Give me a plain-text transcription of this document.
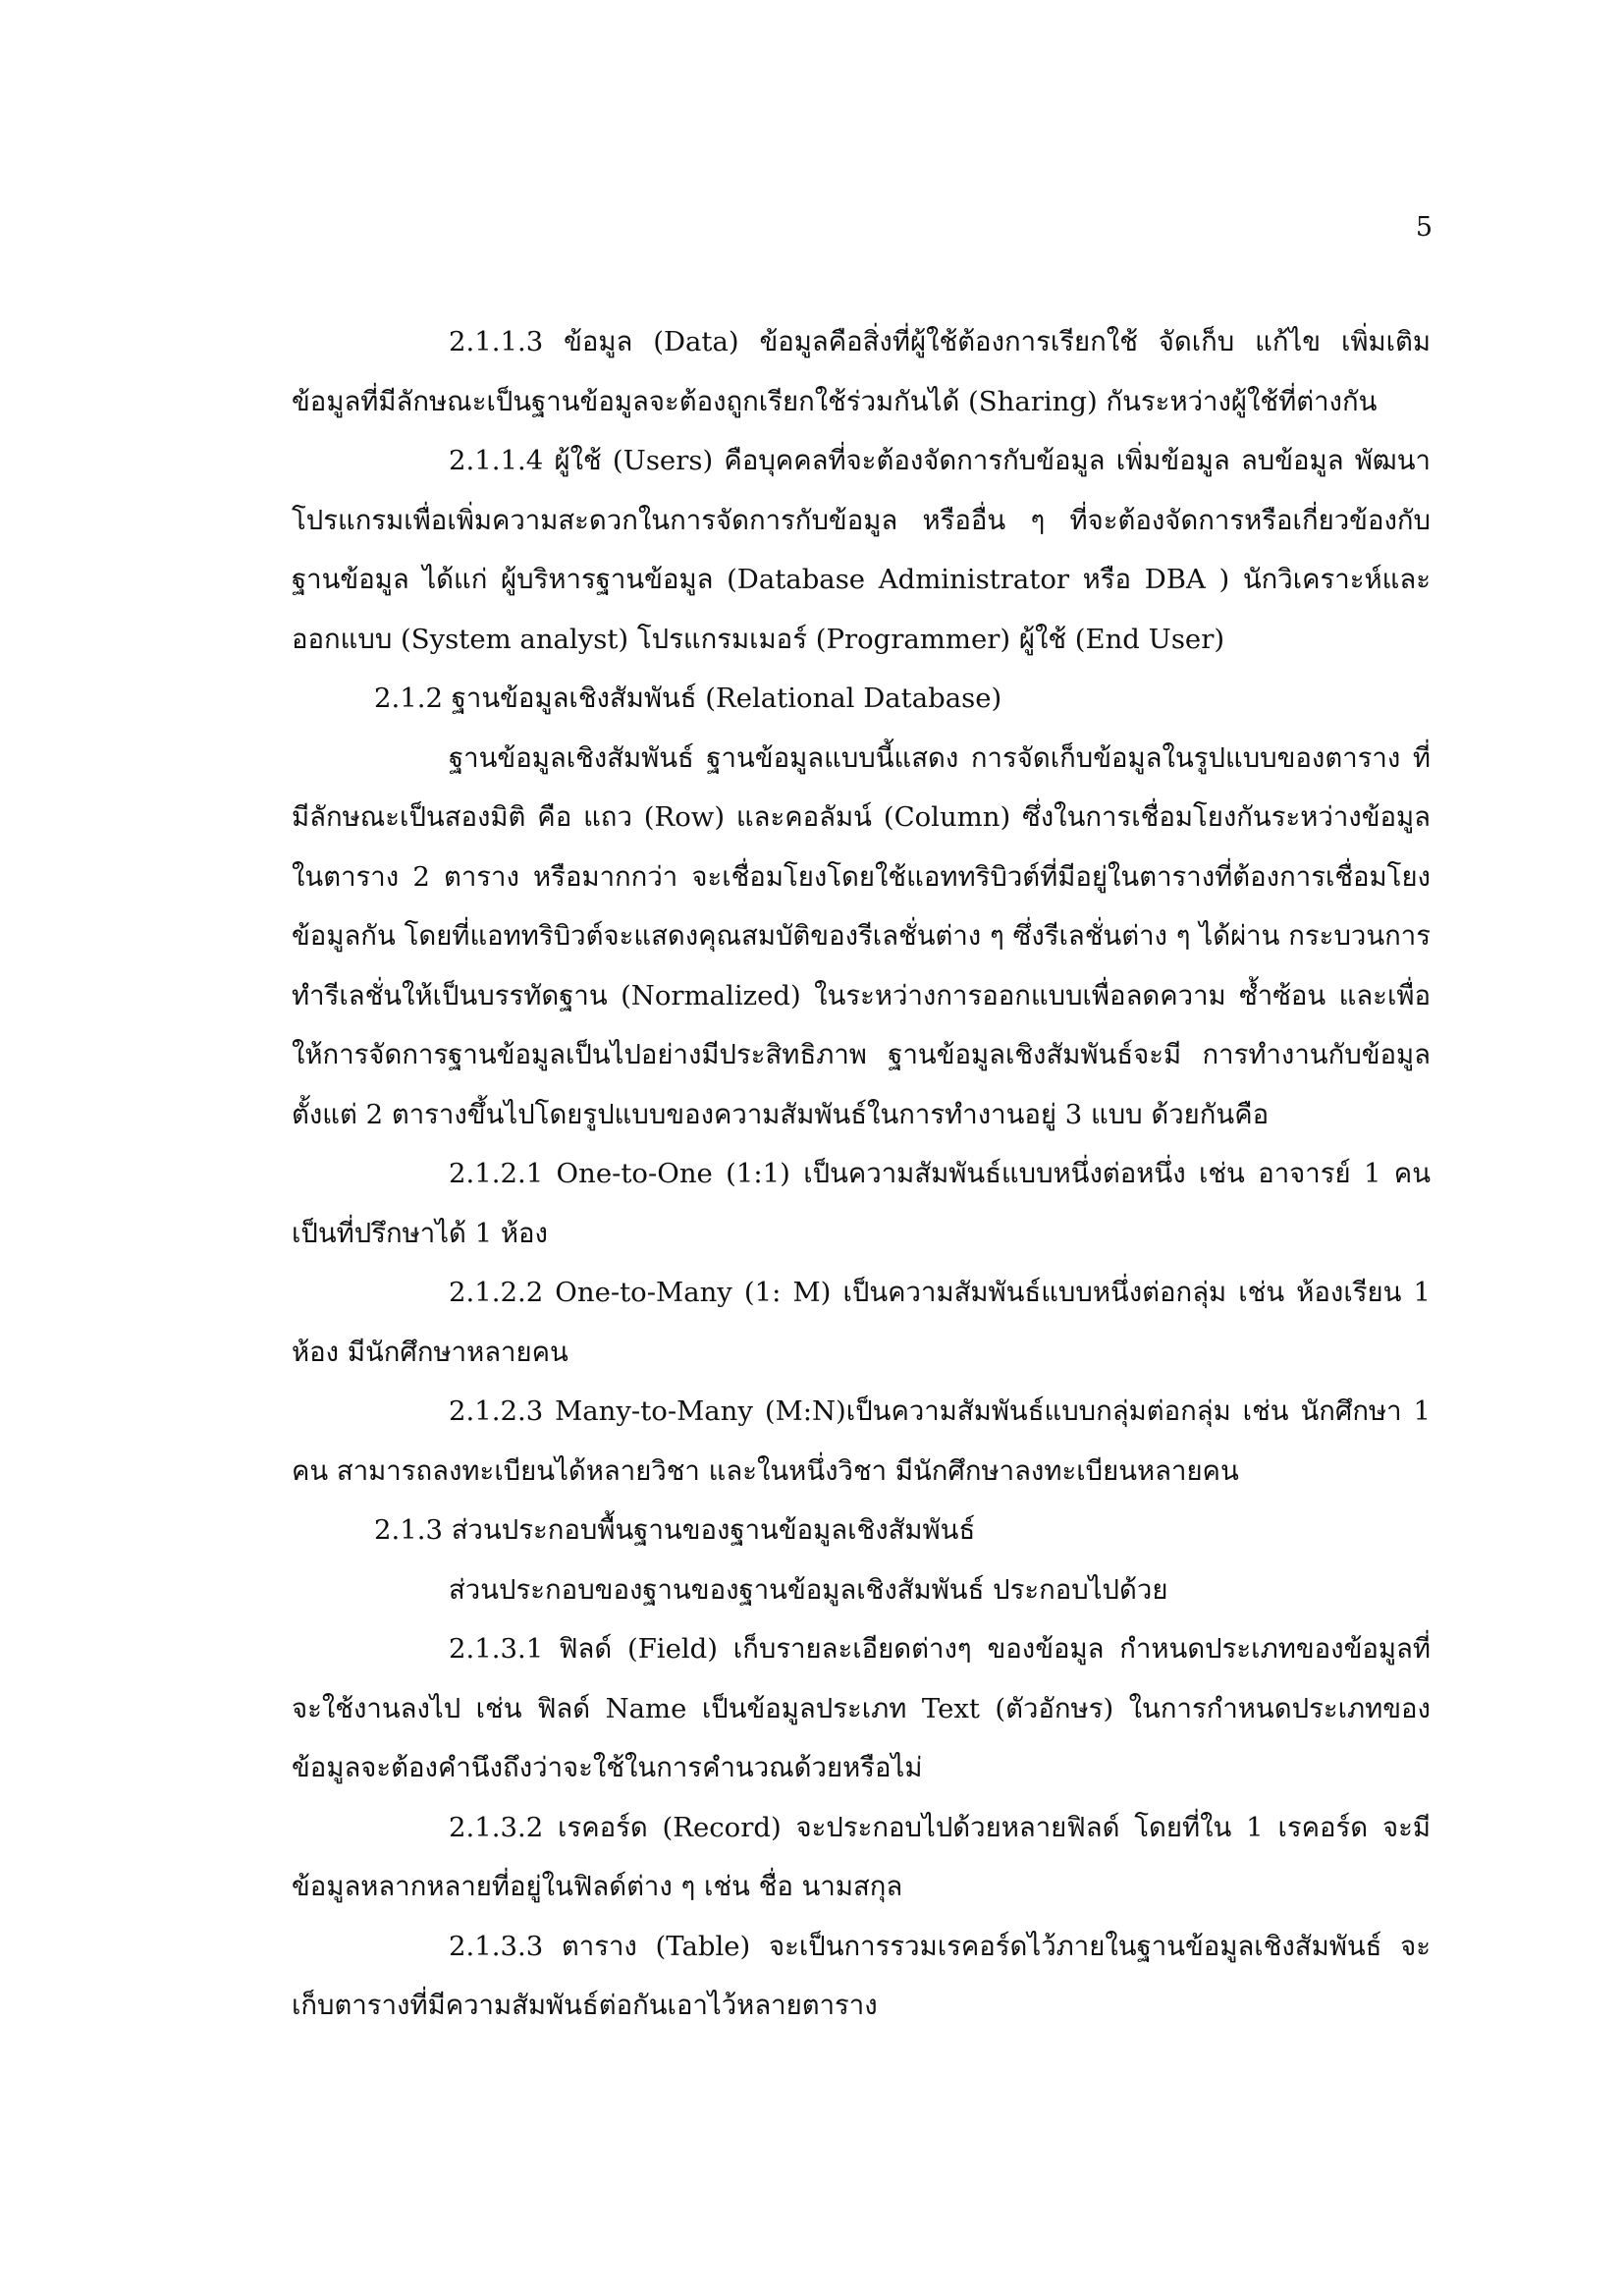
5

2.1.1.3 ข้อมูล (Data) ข้อมูลคือสิ่งที่ผู้ใช้ต้องการเรียกใช้ จัดเก็บ แก้ไข เพิ่มเติม ข้อมูลที่มีลักษณะเป็นฐานข้อมูลจะต้องถูกเรียกใช้ร่วมกันได้ (Sharing) กันระหว่างผู้ใช้ที่ต่างกัน

2.1.1.4 ผู้ใช้ (Users) คือบุคคลที่จะต้องจัดการกับข้อมูล เพิ่มข้อมูล ลบข้อมูล พัฒนา โปรแกรมเพื่อเพิ่มความสะดวกในการจัดการกับข้อมูล หรืออื่น ๆ ที่จะต้องจัดการหรือเกี่ยวข้องกับ ฐานข้อมูล ได้แก่ ผู้บริหารฐานข้อมูล (Database Administrator หรือ DBA ) นักวิเคราะห์และ ออกแบบ (System analyst) โปรแกรมเมอร์ (Programmer) ผู้ใช้ (End User)

2.1.2 ฐานข้อมูลเชิงสัมพันธ์ (Relational Database)

ฐานข้อมูลเชิงสัมพันธ์ ฐานข้อมูลแบบนี้แสดง การจัดเก็บข้อมูลในรูปแบบของตาราง ที่มีลักษณะเป็นสองมิติ คือ แถว (Row) และคอลัมน์ (Column) ซึ่งในการเชื่อมโยงกันระหว่างข้อมูล ในตาราง 2 ตาราง หรือมากกว่า จะเชื่อมโยงโดยใช้แอททริบิวต์ที่มีอยู่ในตารางที่ต้องการเชื่อมโยง ข้อมูลกัน โดยที่แอททริบิวต์จะแสดงคุณสมบัติของรีเลชั่นต่าง ๆ ซึ่งรีเลชั่นต่าง ๆ ได้ผ่าน กระบวนการทำรีเลชั่นให้เป็นบรรทัดฐาน (Normalized) ในระหว่างการออกแบบเพื่อลดความ ซ้ำซ้อน และเพื่อให้การจัดการฐานข้อมูลเป็นไปอย่างมีประสิทธิภาพ ฐานข้อมูลเชิงสัมพันธ์จะมี การทำงานกับข้อมูลตั้งแต่ 2 ตารางขึ้นไปโดยรูปแบบของความสัมพันธ์ในการทำงานอยู่ 3 แบบ ด้วยกันคือ

2.1.2.1 One-to-One (1:1) เป็นความสัมพันธ์แบบหนึ่งต่อหนึ่ง เช่น อาจารย์ 1 คน เป็นที่ปรึกษาได้ 1 ห้อง

2.1.2.2 One-to-Many (1: M) เป็นความสัมพันธ์แบบหนึ่งต่อกลุ่ม เช่น ห้องเรียน 1 ห้อง มีนักศึกษาหลายคน

2.1.2.3 Many-to-Many (M:N)เป็นความสัมพันธ์แบบกลุ่มต่อกลุ่ม เช่น นักศึกษา 1 คน สามารถลงทะเบียนได้หลายวิชา และในหนึ่งวิชา มีนักศึกษาลงทะเบียนหลายคน

2.1.3 ส่วนประกอบพื้นฐานของฐานข้อมูลเชิงสัมพันธ์

ส่วนประกอบของฐานของฐานข้อมูลเชิงสัมพันธ์ ประกอบไปด้วย

2.1.3.1 ฟิลด์ (Field) เก็บรายละเอียดต่างๆ ของข้อมูล กำหนดประเภทของข้อมูลที่ จะใช้งานลงไป เช่น ฟิลด์ Name เป็นข้อมูลประเภท Text (ตัวอักษร) ในการกำหนดประเภทของ ข้อมูลจะต้องคำนึงถึงว่าจะใช้ในการคำนวณด้วยหรือไม่

2.1.3.2 เรคอร์ด (Record) จะประกอบไปด้วยหลายฟิลด์ โดยที่ใน 1 เรคอร์ด จะมี ข้อมูลหลากหลายที่อยู่ในฟิลด์ต่าง ๆ เช่น ชื่อ นามสกุล

2.1.3.3 ตาราง (Table) จะเป็นการรวมเรคอร์ดไว้ภายในฐานข้อมูลเชิงสัมพันธ์ จะ เก็บตารางที่มีความสัมพันธ์ต่อกันเอาไว้หลายตาราง
